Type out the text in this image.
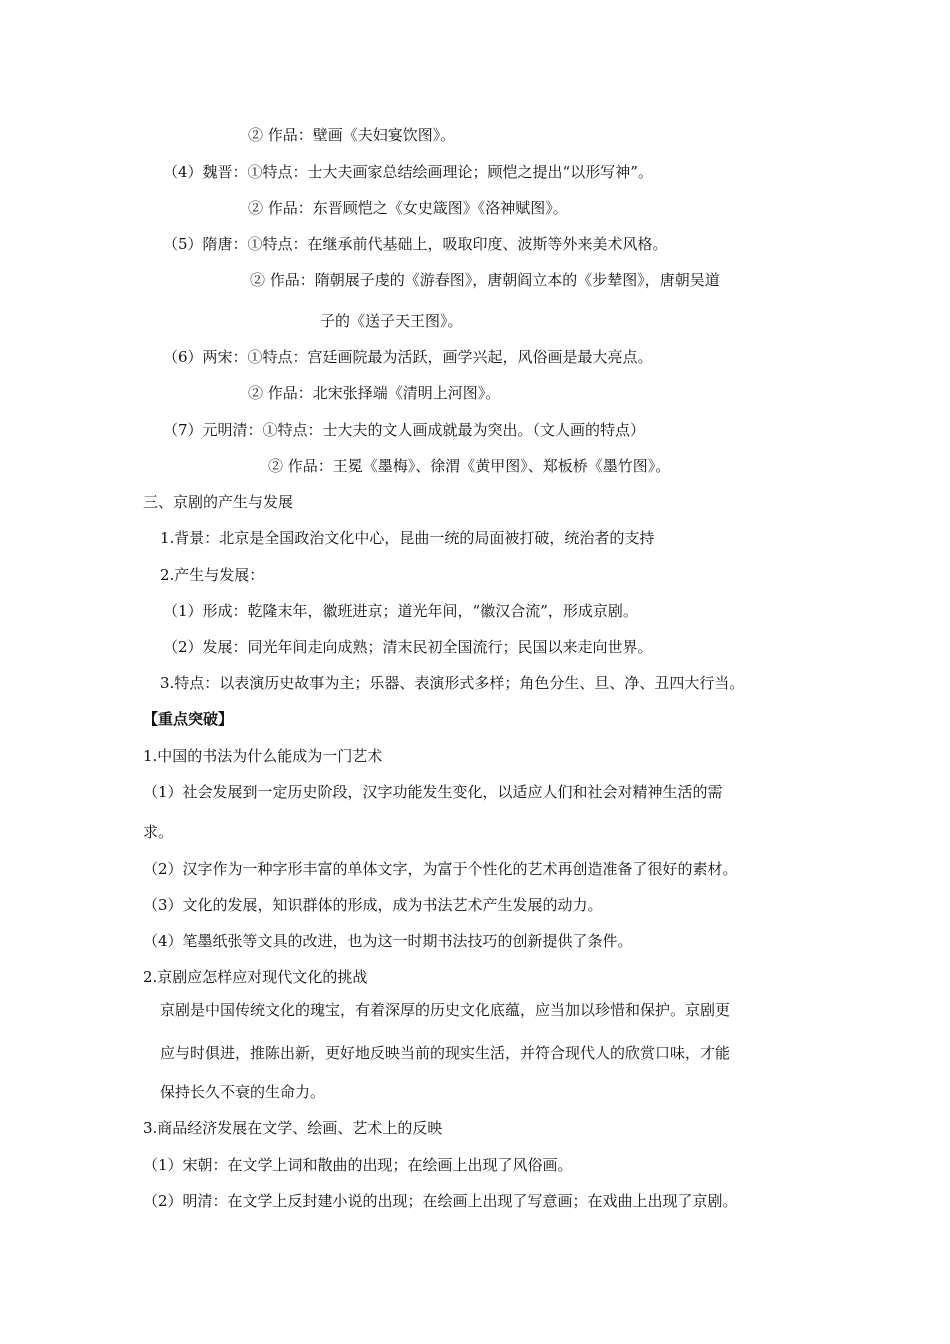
② 作品：壁画《夫妇宴饮图》。
（4）魏晋：①特点：士大夫画家总结绘画理论；顾恺之提出“以形写神”。
② 作品：东晋顾恺之《女史箴图》《洛神赋图》。
（5）隋唐：①特点：在继承前代基础上，吸取印度、波斯等外来美术风格。
② 作品：隋朝展子虔的《游春图》，唐朝阎立本的《步辇图》，唐朝吴道
子的《送子天王图》。
（6）两宋：①特点：宫廷画院最为活跃，画学兴起，风俗画是最大亮点。
② 作品：北宋张择端《清明上河图》。
（7）元明清：①特点：士大夫的文人画成就最为突出。（文人画的特点）
② 作品：王冕《墨梅》、徐渭《黄甲图》、郑板桥《墨竹图》。
三、京剧的产生与发展
1.背景：北京是全国政治文化中心，昆曲一统的局面被打破，统治者的支持
2.产生与发展：
（1）形成：乾隆末年，徽班进京；道光年间，“徽汉合流”，形成京剧。
（2）发展：同光年间走向成熟；清末民初全国流行；民国以来走向世界。
3.特点：以表演历史故事为主；乐器、表演形式多样；角色分生、旦、净、丑四大行当。
【重点突破】
1.中国的书法为什么能成为一门艺术
（1）社会发展到一定历史阶段，汉字功能发生变化，以适应人们和社会对精神生活的需
求。
（2）汉字作为一种字形丰富的单体文字，为富于个性化的艺术再创造准备了很好的素材。
（3）文化的发展，知识群体的形成，成为书法艺术产生发展的动力。
（4）笔墨纸张等文具的改进，也为这一时期书法技巧的创新提供了条件。
2.京剧应怎样应对现代文化的挑战
京剧是中国传统文化的瑰宝，有着深厚的历史文化底蕴，应当加以珍惜和保护。京剧更
应与时俱进，推陈出新，更好地反映当前的现实生活，并符合现代人的欣赏口味，才能
保持长久不衰的生命力。
3.商品经济发展在文学、绘画、艺术上的反映
（1）宋朝：在文学上词和散曲的出现；在绘画上出现了风俗画。
（2）明清：在文学上反封建小说的出现；在绘画上出现了写意画；在戏曲上出现了京剧。
